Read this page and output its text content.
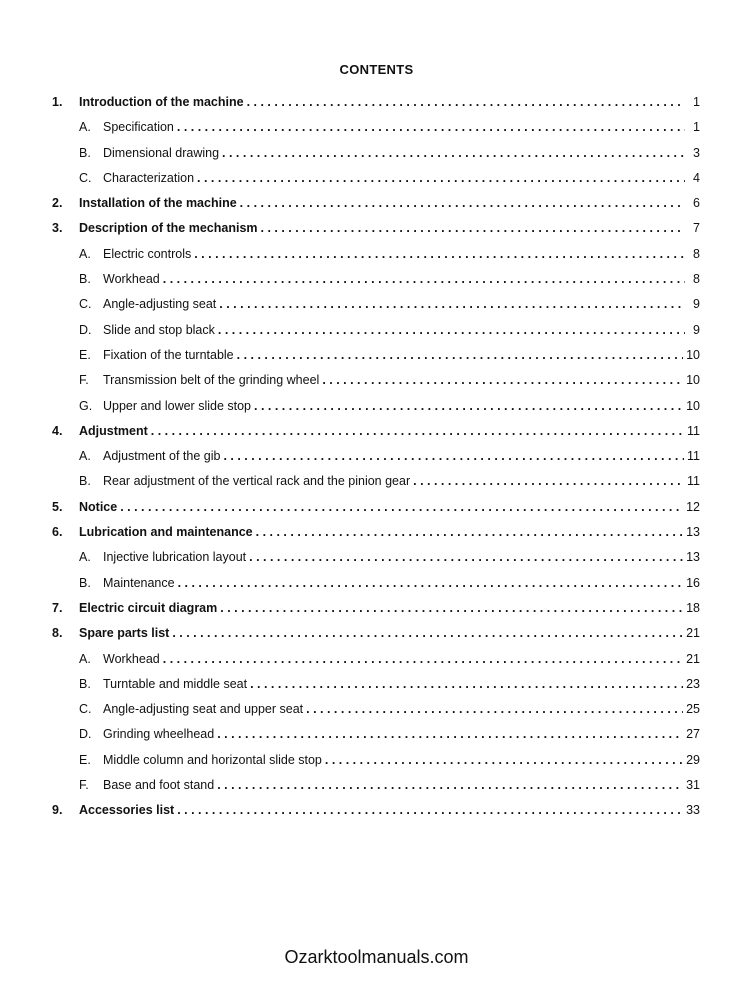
CONTENTS
1.	Introduction of the machine . . .	1
A. Specification . . .	1
B. Dimensional drawing . . .	3
C. Characterization . . .	4
2.	Installation of the machine . . .	6
3.	Description of the mechanism . . .	7
A. Electric controls . . .	8
B. Workhead . . .	8
C. Angle-adjusting seat . . .	9
D. Slide and stop black . . .	9
E. Fixation of the turntable . . .	10
F.	Transmission belt of the grinding wheel . . .	10
G. Upper and lower slide stop . . .	10
4.	Adjustment . . .	11
A. Adjustment of the gib . . .	11
B. Rear adjustment of the vertical rack and the pinion gear . . .	11
5.	Notice . . .	12
6.	Lubrication and maintenance . . .	13
A. Injective lubrication layout . . .	13
B. Maintenance . . .	16
7.	Electric circuit diagram . . .	18
8.	Spare parts list . . .	21
A. Workhead . . .	21
B. Turntable and middle seat . . .	23
C. Angle-adjusting seat and upper seat . . .	25
D. Grinding wheelhead . . .	27
E. Middle column and horizontal slide stop . . .	29
F.	Base and foot stand . . .	31
9.	Accessories list . . .	33
Ozarktoolmanuals.com
